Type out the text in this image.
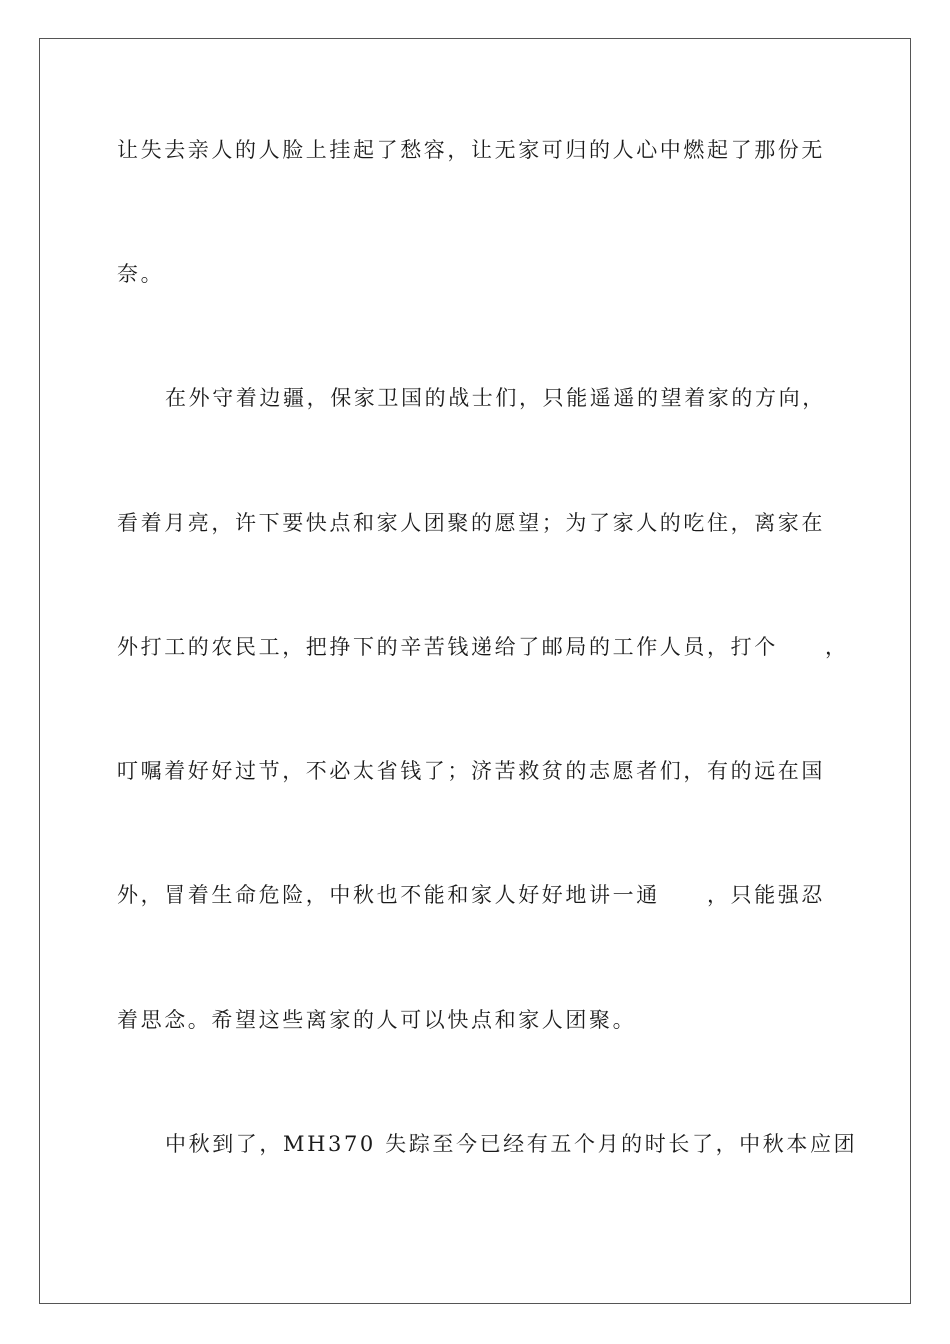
让失去亲人的人脸上挂起了愁容，让无家可归的人心中燃起了那份无
奈。
在外守着边疆，保家卫国的战士们，只能遥遥的望着家的方向，
看着月亮，许下要快点和家人团聚的愿望；为了家人的吃住，离家在
外打工的农民工，把挣下的辛苦钱递给了邮局的工作人员，打个　　，
叮嘱着好好过节，不必太省钱了；济苦救贫的志愿者们，有的远在国
外，冒着生命危险，中秋也不能和家人好好地讲一通　　，只能强忍
着思念。希望这些离家的人可以快点和家人团聚。
中秋到了，MH370 失踪至今已经有五个月的时长了，中秋本应团
